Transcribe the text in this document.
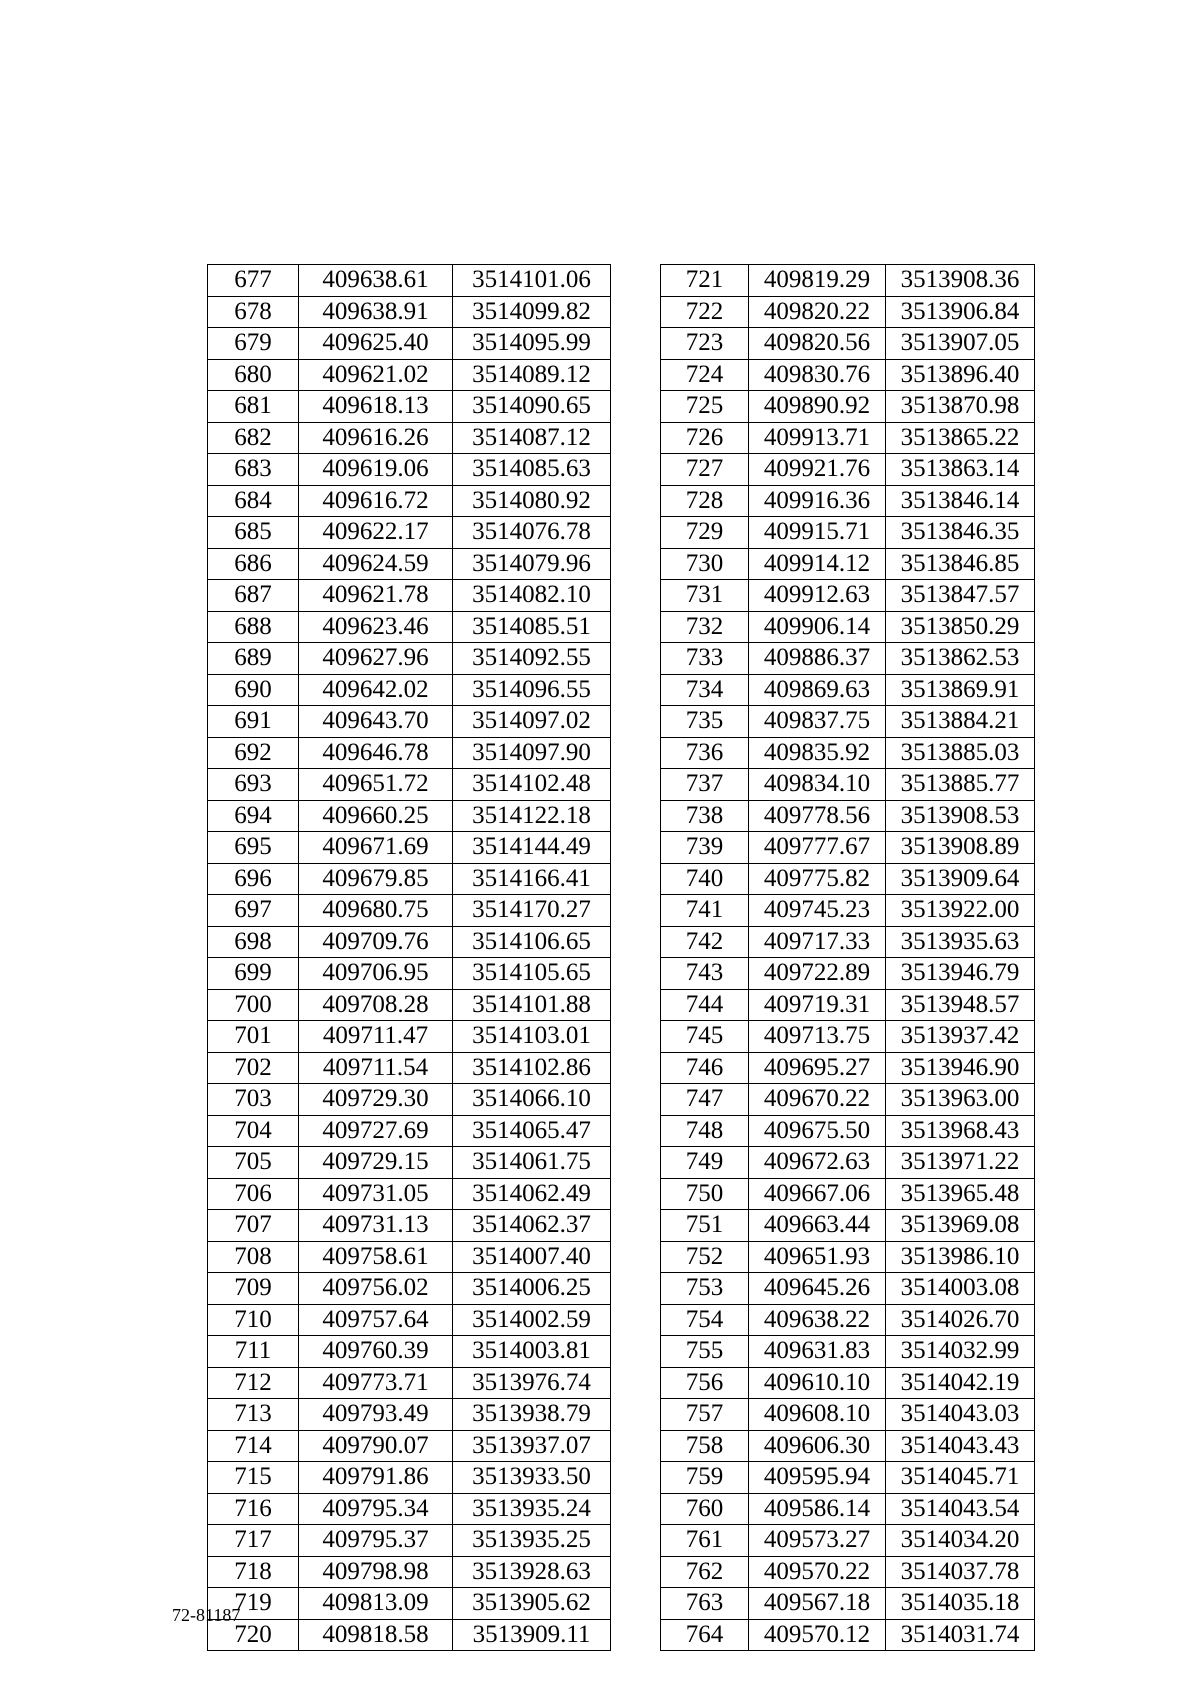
677	409638.61	3514101.06
678	409638.91	3514099.82
679	409625.40	3514095.99
680	409621.02	3514089.12
681	409618.13	3514090.65
682	409616.26	3514087.12
683	409619.06	3514085.63
684	409616.72	3514080.92
685	409622.17	3514076.78
686	409624.59	3514079.96
687	409621.78	3514082.10
688	409623.46	3514085.51
689	409627.96	3514092.55
690	409642.02	3514096.55
691	409643.70	3514097.02
692	409646.78	3514097.90
693	409651.72	3514102.48
694	409660.25	3514122.18
695	409671.69	3514144.49
696	409679.85	3514166.41
697	409680.75	3514170.27
698	409709.76	3514106.65
699	409706.95	3514105.65
700	409708.28	3514101.88
701	409711.47	3514103.01
702	409711.54	3514102.86
703	409729.30	3514066.10
704	409727.69	3514065.47
705	409729.15	3514061.75
706	409731.05	3514062.49
707	409731.13	3514062.37
708	409758.61	3514007.40
709	409756.02	3514006.25
710	409757.64	3514002.59
711	409760.39	3514003.81
712	409773.71	3513976.74
713	409793.49	3513938.79
714	409790.07	3513937.07
715	409791.86	3513933.50
716	409795.34	3513935.24
717	409795.37	3513935.25
718	409798.98	3513928.63
719	409813.09	3513905.62
720	409818.58	3513909.11
721	409819.29	3513908.36
722	409820.22	3513906.84
723	409820.56	3513907.05
724	409830.76	3513896.40
725	409890.92	3513870.98
726	409913.71	3513865.22
727	409921.76	3513863.14
728	409916.36	3513846.14
729	409915.71	3513846.35
730	409914.12	3513846.85
731	409912.63	3513847.57
732	409906.14	3513850.29
733	409886.37	3513862.53
734	409869.63	3513869.91
735	409837.75	3513884.21
736	409835.92	3513885.03
737	409834.10	3513885.77
738	409778.56	3513908.53
739	409777.67	3513908.89
740	409775.82	3513909.64
741	409745.23	3513922.00
742	409717.33	3513935.63
743	409722.89	3513946.79
744	409719.31	3513948.57
745	409713.75	3513937.42
746	409695.27	3513946.90
747	409670.22	3513963.00
748	409675.50	3513968.43
749	409672.63	3513971.22
750	409667.06	3513965.48
751	409663.44	3513969.08
752	409651.93	3513986.10
753	409645.26	3514003.08
754	409638.22	3514026.70
755	409631.83	3514032.99
756	409610.10	3514042.19
757	409608.10	3514043.03
758	409606.30	3514043.43
759	409595.94	3514045.71
760	409586.14	3514043.54
761	409573.27	3514034.20
762	409570.22	3514037.78
763	409567.18	3514035.18
764	409570.12	3514031.74
72-81187
